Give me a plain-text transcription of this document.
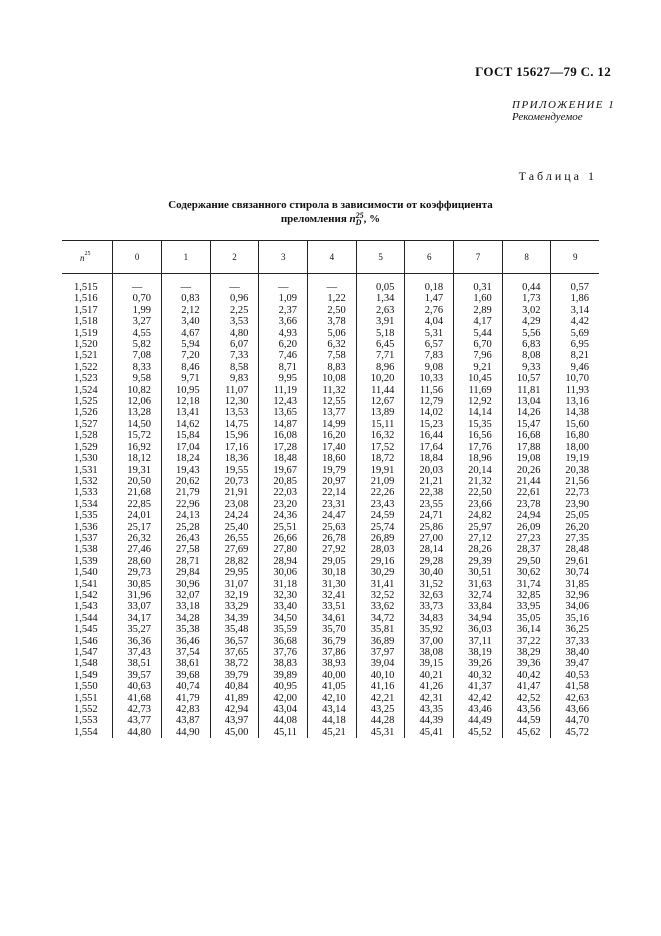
ГОСТ 15627—79 С. 12
ПРИЛОЖЕНИЕ 1
Рекомендуемое
Таблица 1
Содержание связанного стирола в зависимости от коэффициента
преломления n 25
D , %
$n^{25}$	0	1	2	3	4	5	6	7	8	9

1,515	—	—	—	—	—	0,05	0,18	0,31	0,44	0,57
1,516	0,70	0,83	0,96	1,09	1,22	1,34	1,47	1,60	1,73	1,86
1,517	1,99	2,12	2,25	2,37	2,50	2,63	2,76	2,89	3,02	3,14
1,518	3,27	3,40	3,53	3,66	3,78	3,91	4,04	4,17	4,29	4,42
1,519	4,55	4,67	4,80	4,93	5,06	5,18	5,31	5,44	5,56	5,69
1,520	5,82	5,94	6,07	6,20	6,32	6,45	6,57	6,70	6,83	6,95
1,521	7,08	7,20	7,33	7,46	7,58	7,71	7,83	7,96	8,08	8,21
1,522	8,33	8,46	8,58	8,71	8,83	8,96	9,08	9,21	9,33	9,46
1,523	9,58	9,71	9,83	9,95	10,08	10,20	10,33	10,45	10,57	10,70
1,524	10,82	10,95	11,07	11,19	11,32	11,44	11,56	11,69	11,81	11,93
1,525	12,06	12,18	12,30	12,43	12,55	12,67	12,79	12,92	13,04	13,16
1,526	13,28	13,41	13,53	13,65	13,77	13,89	14,02	14,14	14,26	14,38
1,527	14,50	14,62	14,75	14,87	14,99	15,11	15,23	15,35	15,47	15,60
1,528	15,72	15,84	15,96	16,08	16,20	16,32	16,44	16,56	16,68	16,80
1,529	16,92	17,04	17,16	17,28	17,40	17,52	17,64	17,76	17,88	18,00
1,530	18,12	18,24	18,36	18,48	18,60	18,72	18,84	18,96	19,08	19,19
1,531	19,31	19,43	19,55	19,67	19,79	19,91	20,03	20,14	20,26	20,38
1,532	20,50	20,62	20,73	20,85	20,97	21,09	21,21	21,32	21,44	21,56
1,533	21,68	21,79	21,91	22,03	22,14	22,26	22,38	22,50	22,61	22,73
1,534	22,85	22,96	23,08	23,20	23,31	23,43	23,55	23,66	23,78	23,90
1,535	24,01	24,13	24,24	24,36	24,47	24,59	24,71	24,82	24,94	25,05
1,536	25,17	25,28	25,40	25,51	25,63	25,74	25,86	25,97	26,09	26,20
1,537	26,32	26,43	26,55	26,66	26,78	26,89	27,00	27,12	27,23	27,35
1,538	27,46	27,58	27,69	27,80	27,92	28,03	28,14	28,26	28,37	28,48
1,539	28,60	28,71	28,82	28,94	29,05	29,16	29,28	29,39	29,50	29,61
1,540	29,73	29,84	29,95	30,06	30,18	30,29	30,40	30,51	30,62	30,74
1,541	30,85	30,96	31,07	31,18	31,30	31,41	31,52	31,63	31,74	31,85
1,542	31,96	32,07	32,19	32,30	32,41	32,52	32,63	32,74	32,85	32,96
1,543	33,07	33,18	33,29	33,40	33,51	33,62	33,73	33,84	33,95	34,06
1,544	34,17	34,28	34,39	34,50	34,61	34,72	34,83	34,94	35,05	35,16
1,545	35,27	35,38	35,48	35,59	35,70	35,81	35,92	36,03	36,14	36,25
1,546	36,36	36,46	36,57	36,68	36,79	36,89	37,00	37,11	37,22	37,33
1,547	37,43	37,54	37,65	37,76	37,86	37,97	38,08	38,19	38,29	38,40
1,548	38,51	38,61	38,72	38,83	38,93	39,04	39,15	39,26	39,36	39,47
1,549	39,57	39,68	39,79	39,89	40,00	40,10	40,21	40,32	40,42	40,53
1,550	40,63	40,74	40,84	40,95	41,05	41,16	41,26	41,37	41,47	41,58
1,551	41,68	41,79	41,89	42,00	42,10	42,21	42,31	42,42	42,52	42,63
1,552	42,73	42,83	42,94	43,04	43,14	43,25	43,35	43,46	43,56	43,66
1,553	43,77	43,87	43,97	44,08	44,18	44,28	44,39	44,49	44,59	44,70
1,554	44,80	44,90	45,00	45,11	45,21	45,31	45,41	45,52	45,62	45,72
